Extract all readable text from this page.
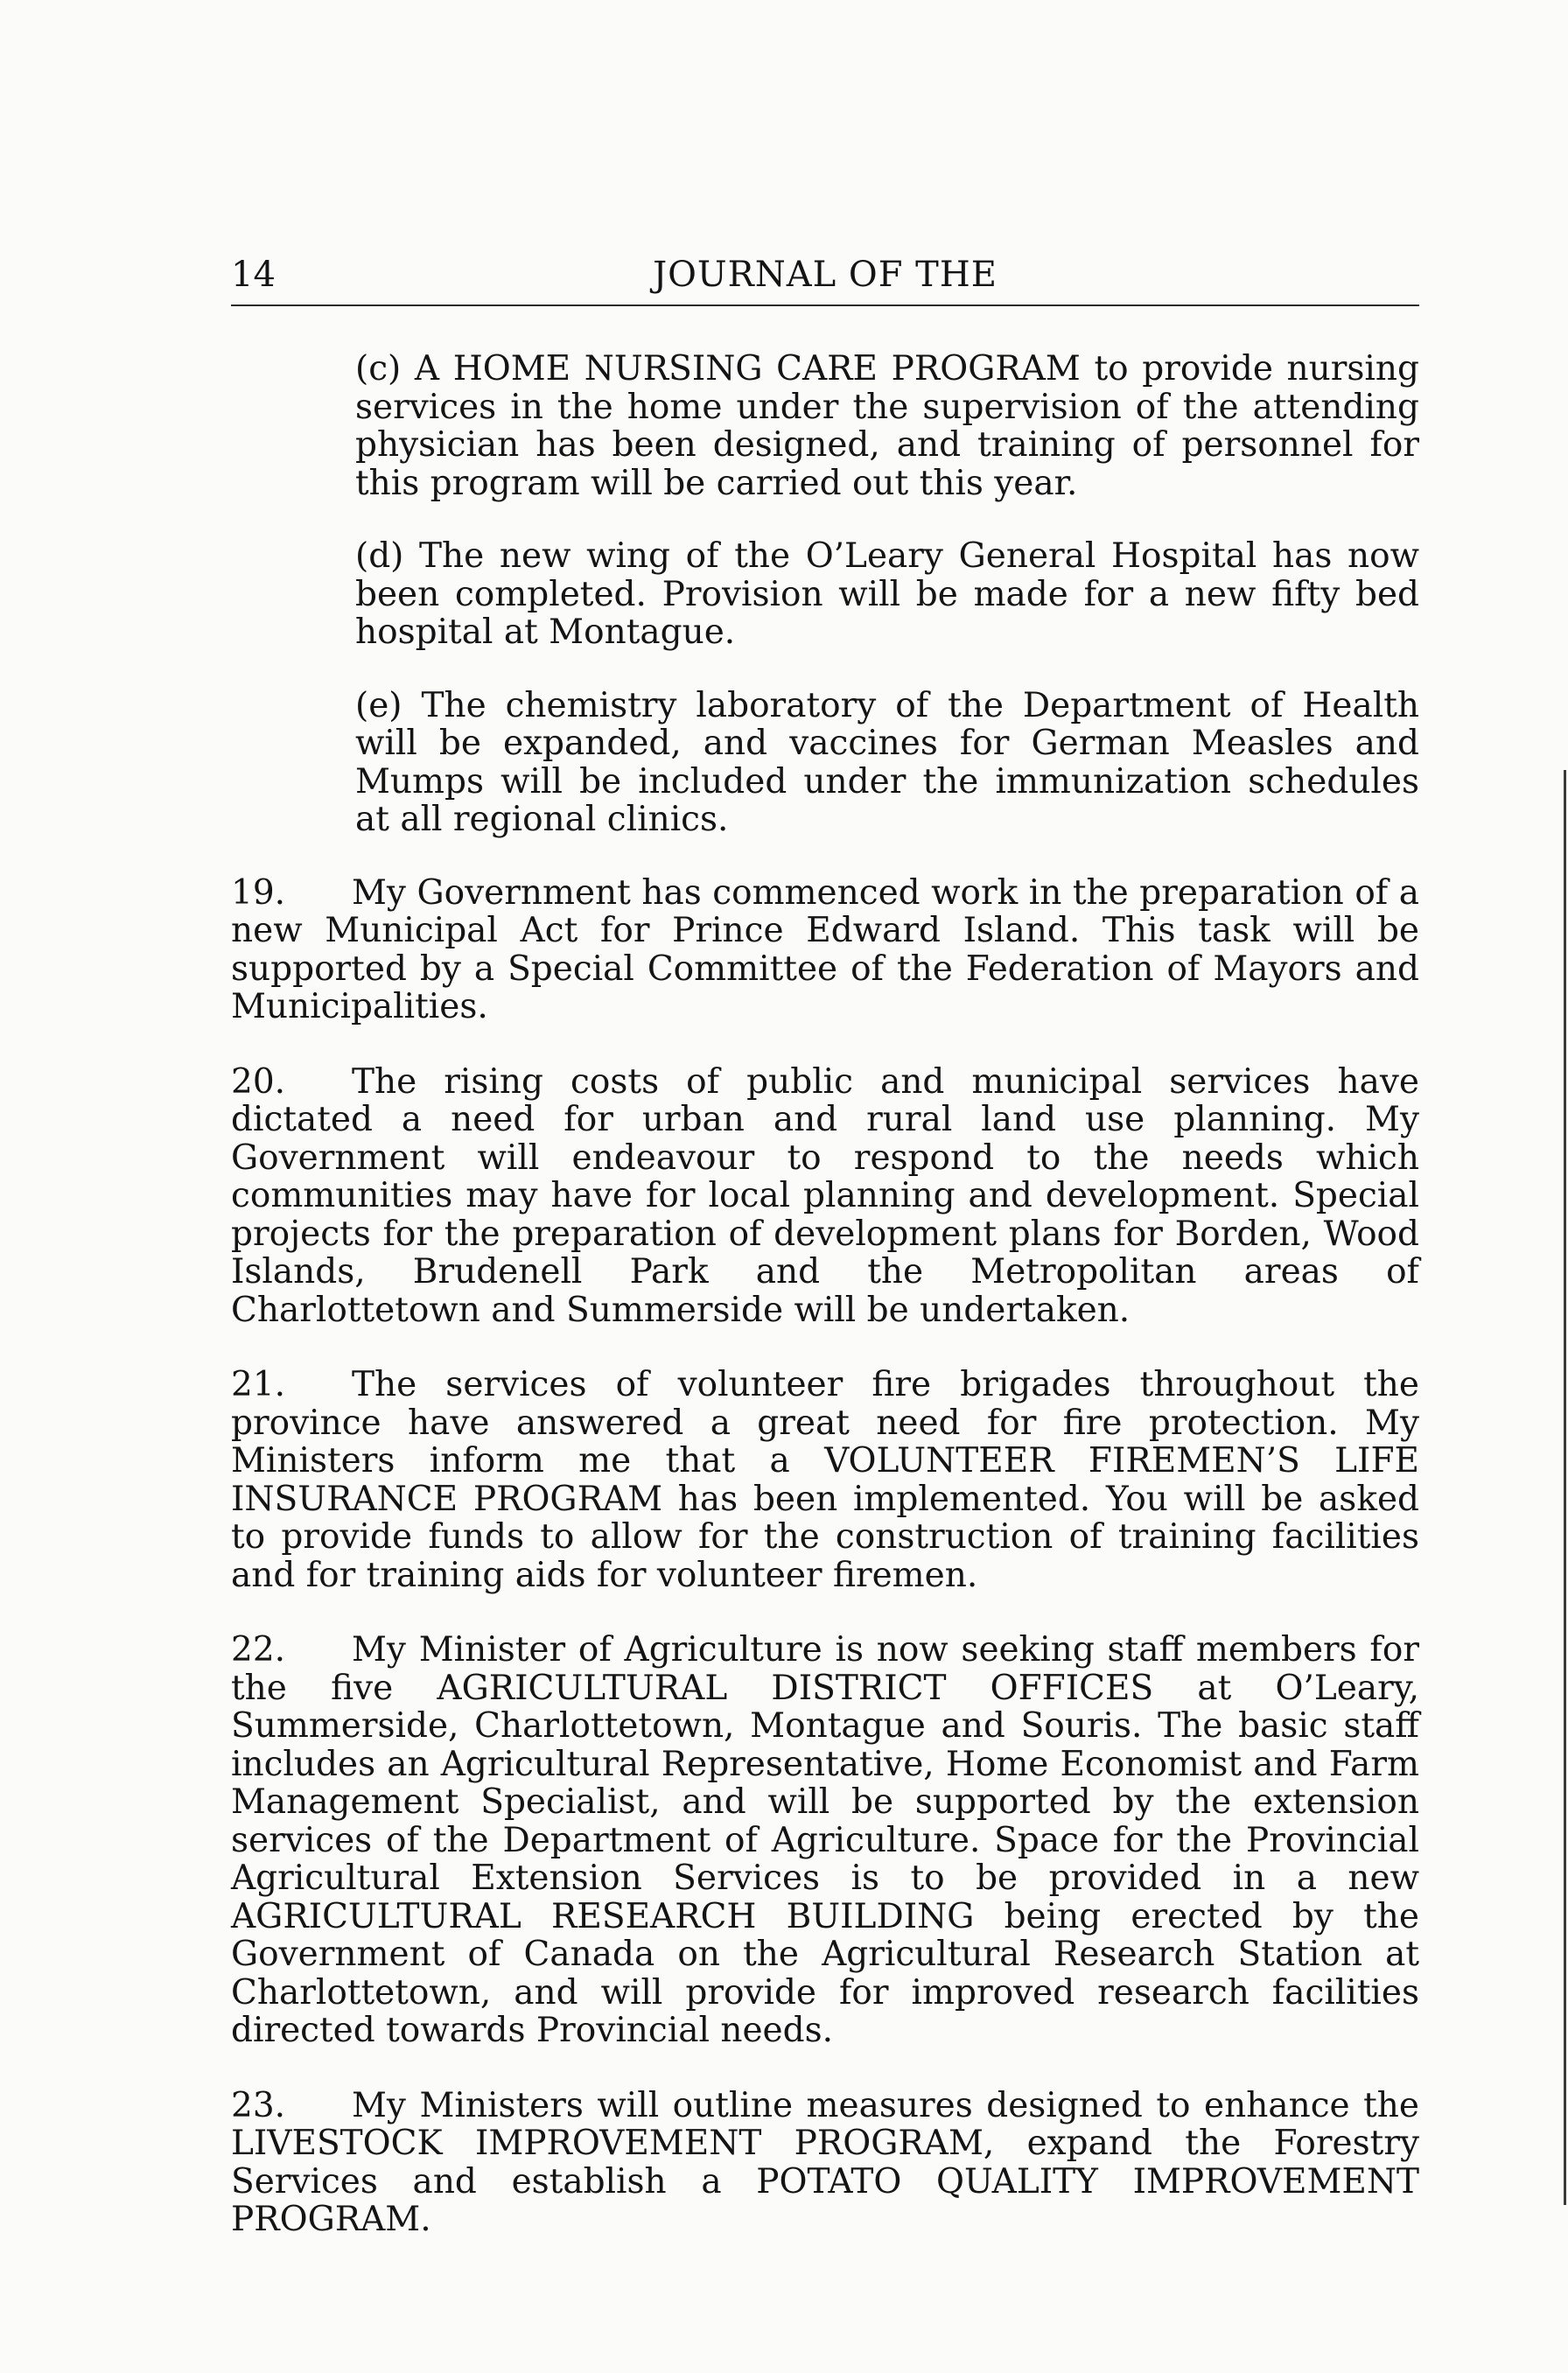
14	JOURNAL OF THE

(c) A HOME NURSING CARE PROGRAM to provide nursing services in the home under the supervision of the attending physician has been designed, and training of personnel for this program will be carried out this year.

(d) The new wing of the O’Leary General Hospital has now been completed. Provision will be made for a new fifty bed hospital at Montague.

(e) The chemistry laboratory of the Department of Health will be expanded, and vaccines for German Measles and Mumps will be included under the immunization schedules at all regional clinics.

19. My Government has commenced work in the preparation of a new Municipal Act for Prince Edward Island. This task will be supported by a Special Committee of the Federation of Mayors and Municipalities.

20. The rising costs of public and municipal services have dictated a need for urban and rural land use planning. My Government will endeavour to respond to the needs which communities may have for local planning and development. Special projects for the preparation of development plans for Borden, Wood Islands, Brudenell Park and the Metropolitan areas of Charlottetown and Summerside will be undertaken.

21. The services of volunteer fire brigades throughout the province have answered a great need for fire protection. My Ministers inform me that a VOLUNTEER FIREMEN’S LIFE INSURANCE PROGRAM has been implemented. You will be asked to provide funds to allow for the construction of training facilities and for training aids for volunteer firemen.

22. My Minister of Agriculture is now seeking staff members for the five AGRICULTURAL DISTRICT OFFICES at O’Leary, Summerside, Charlottetown, Montague and Souris. The basic staff includes an Agricultural Representative, Home Economist and Farm Management Specialist, and will be supported by the extension services of the Department of Agriculture. Space for the Provincial Agricultural Extension Services is to be provided in a new AGRICULTURAL RESEARCH BUILDING being erected by the Government of Canada on the Agricultural Research Station at Charlottetown, and will provide for improved research facilities directed towards Provincial needs.

23. My Ministers will outline measures designed to enhance the LIVESTOCK IMPROVEMENT PROGRAM, expand the Forestry Services and establish a POTATO QUALITY IMPROVEMENT PROGRAM.
